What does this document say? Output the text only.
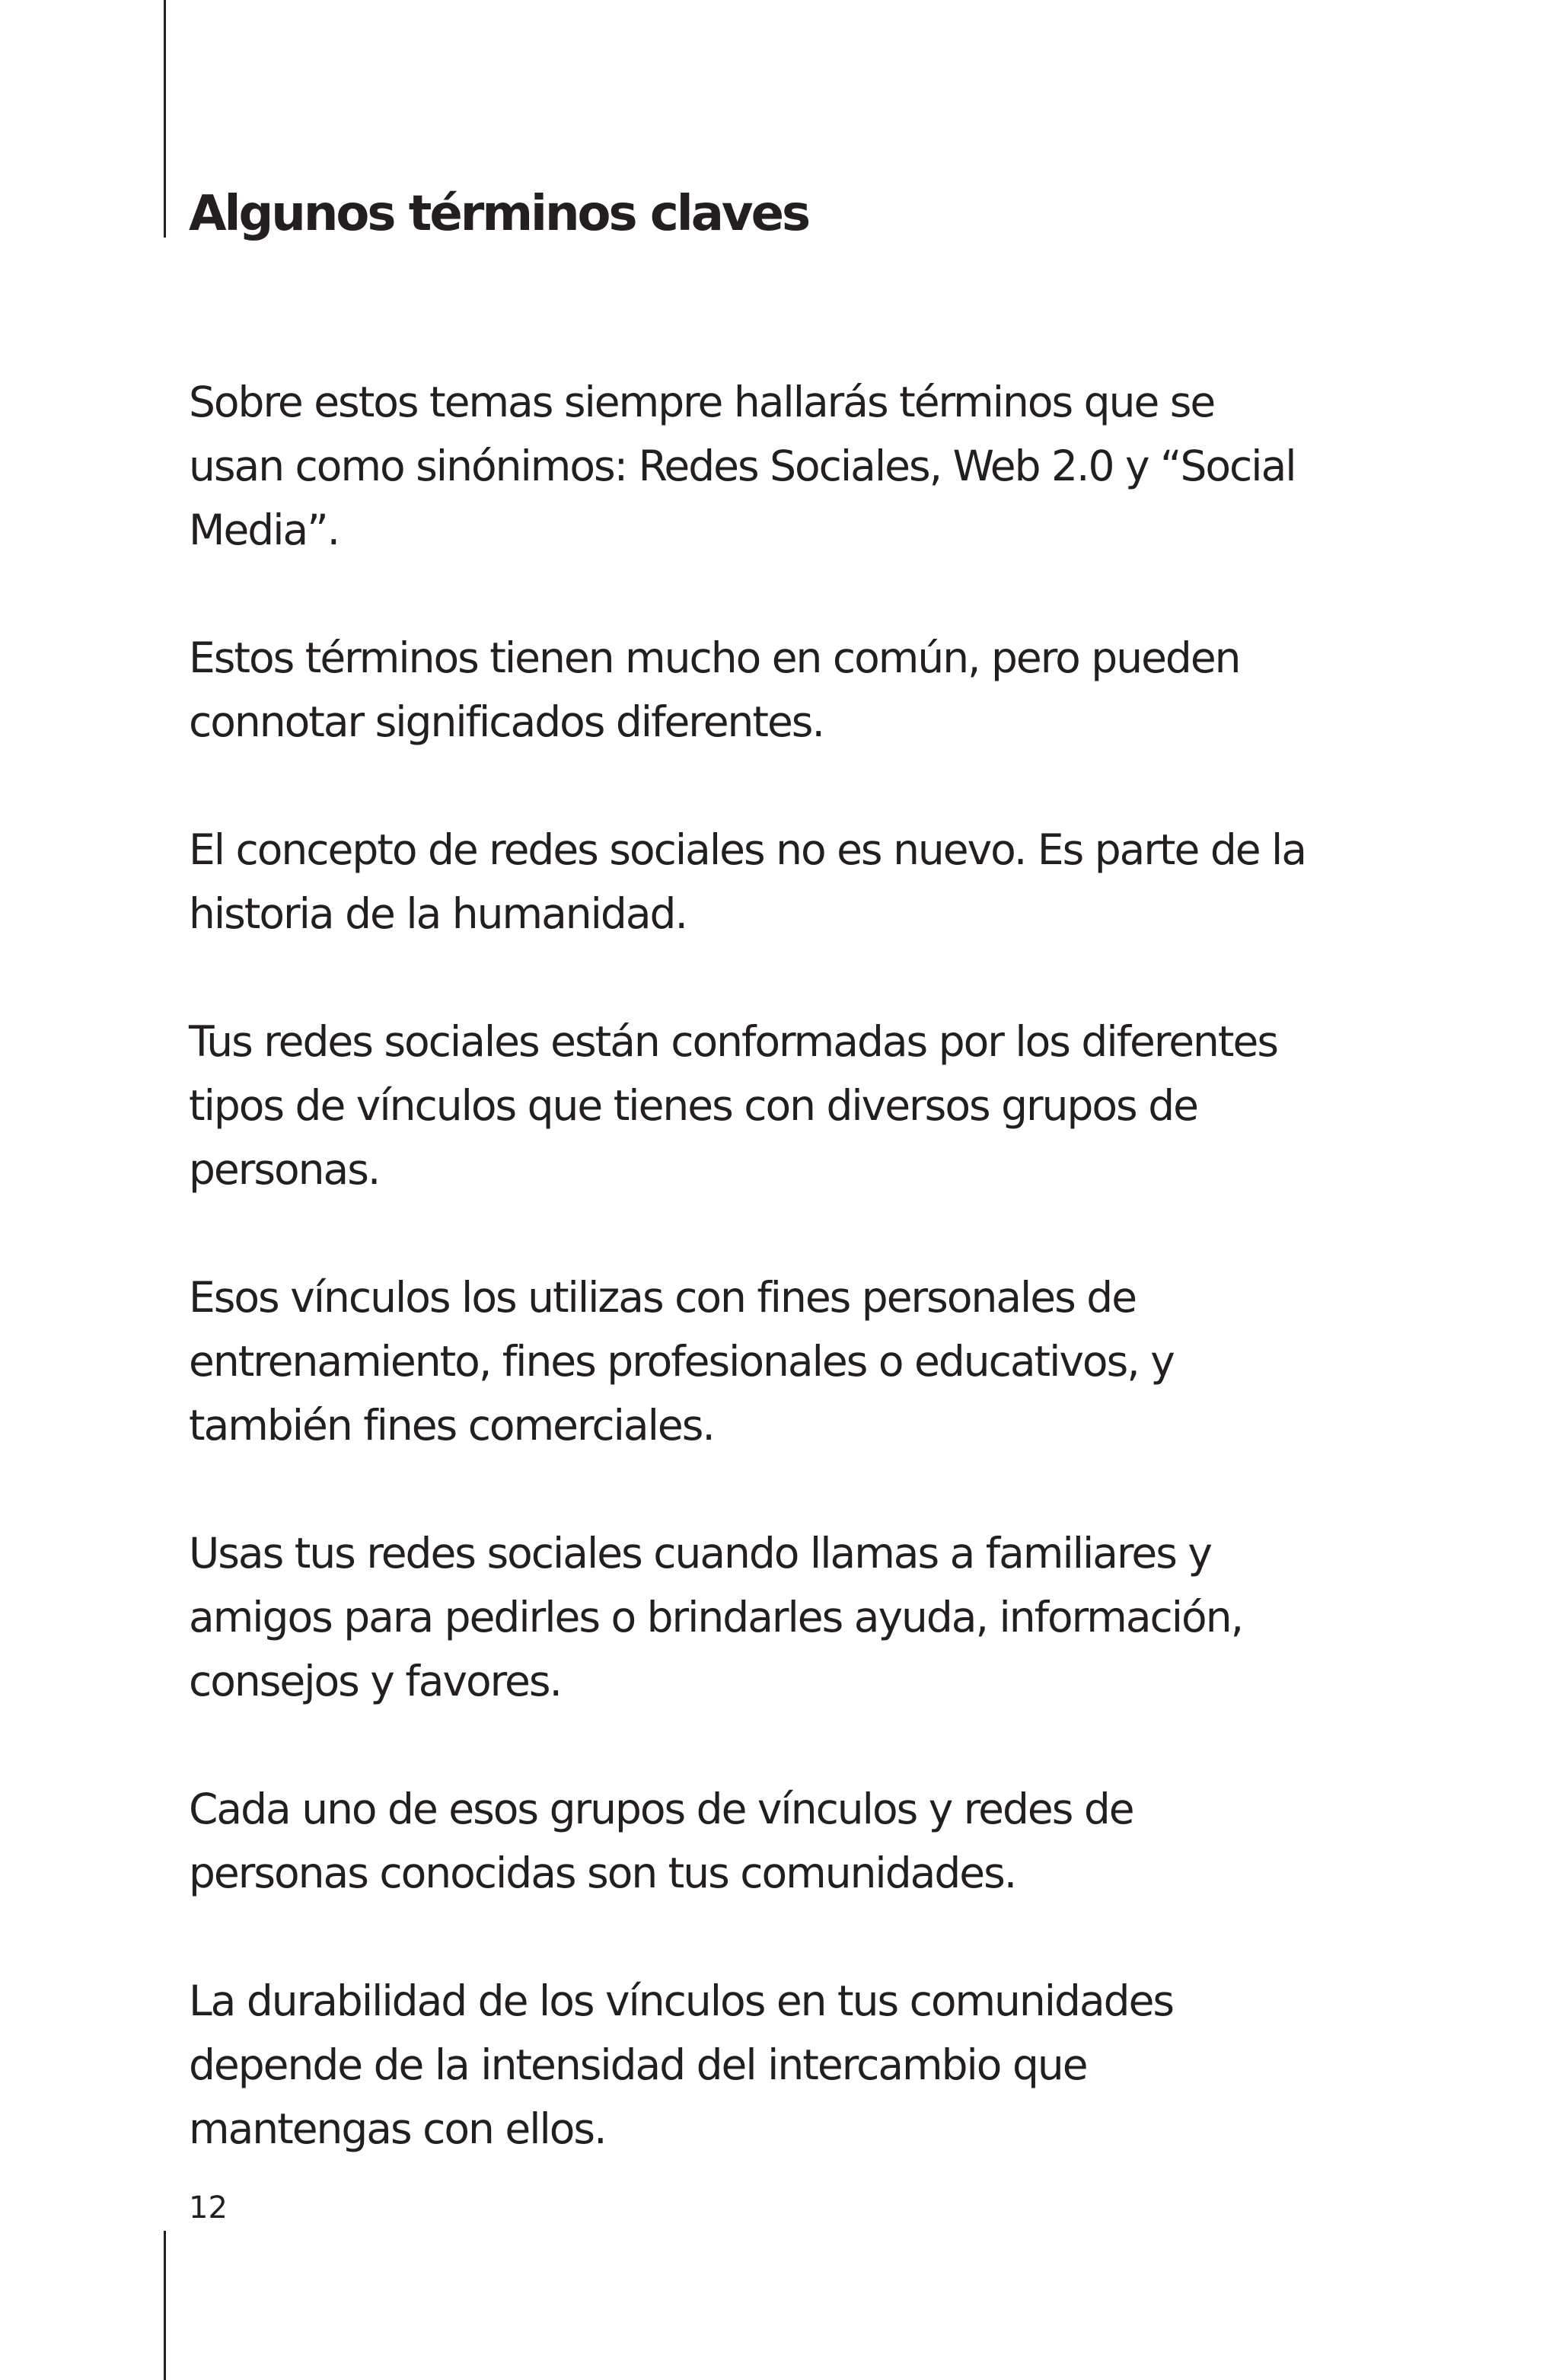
Algunos términos claves

Sobre estos temas siempre hallarás términos que se usan como sinónimos: Redes Sociales, Web 2.0 y “Social Media”.

Estos términos tienen mucho en común, pero pueden connotar significados diferentes.

El concepto de redes sociales no es nuevo. Es parte de la historia de la humanidad.

Tus redes sociales están conformadas por los diferentes tipos de vínculos que tienes con diversos grupos de personas.

Esos vínculos los utilizas con fines personales de entrenamiento, fines profesionales o educativos, y también fines comerciales.

Usas tus redes sociales cuando llamas a familiares y amigos para pedirles o brindarles ayuda, información, consejos y favores.

Cada uno de esos grupos de vínculos y redes de personas conocidas son tus comunidades.

La durabilidad de los vínculos en tus comunidades depende de la intensidad del intercambio que mantengas con ellos.

12
